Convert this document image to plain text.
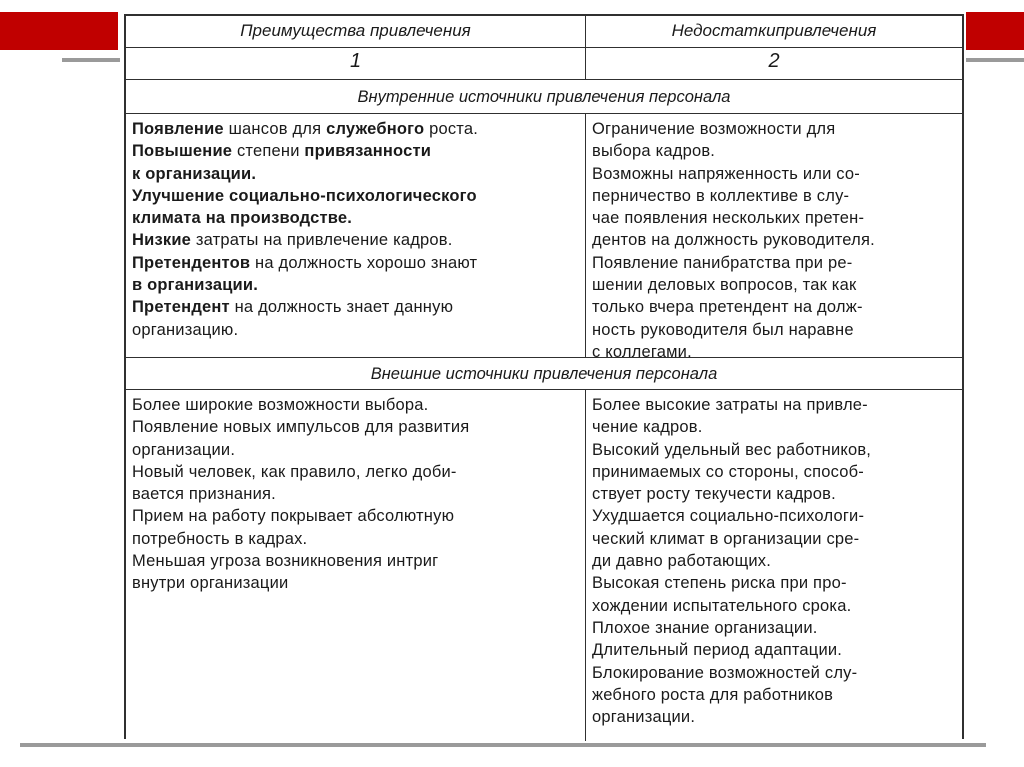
Преимущества привлечения	Недостаткипривлечения
1	2
Внутренние источники привлечения персонала

Появление шансов для служебного роста.

Повышение степени привязанности

к организации.

Улучшение социально-психологического

климата на производстве.

Низкие затраты на привлечение кадров.

Претендентов на должность хорошо знают

в организации.

Претендент на должность знает данную

организацию.

Ограничение возможности для

выбора кадров.

Возможны напряженность или со-

перничество в коллективе в слу-

чае появления нескольких претен-

дентов на должность руководителя.

Появление панибратства при ре-

шении деловых вопросов, так как

только вчера претендент на долж-

ность руководителя был наравне

с коллегами.

Внешние источники привлечения персонала

Более широкие возможности выбора.

Появление новых импульсов для развития

организации.

Новый человек, как правило, легко доби-

вается признания.

Прием на работу покрывает абсолютную

потребность в кадрах.

Меньшая угроза возникновения интриг

внутри организации

Более высокие затраты на привле-

чение кадров.

Высокий удельный вес работников,

принимаемых со стороны, способ-

ствует росту текучести кадров.

Ухудшается социально-психологи-

ческий климат в организации сре-

ди давно работающих.

Высокая степень риска при про-

хождении испытательного срока.

Плохое знание организации.

Длительный период адаптации.

Блокирование возможностей слу-

жебного роста для работников

организации.
